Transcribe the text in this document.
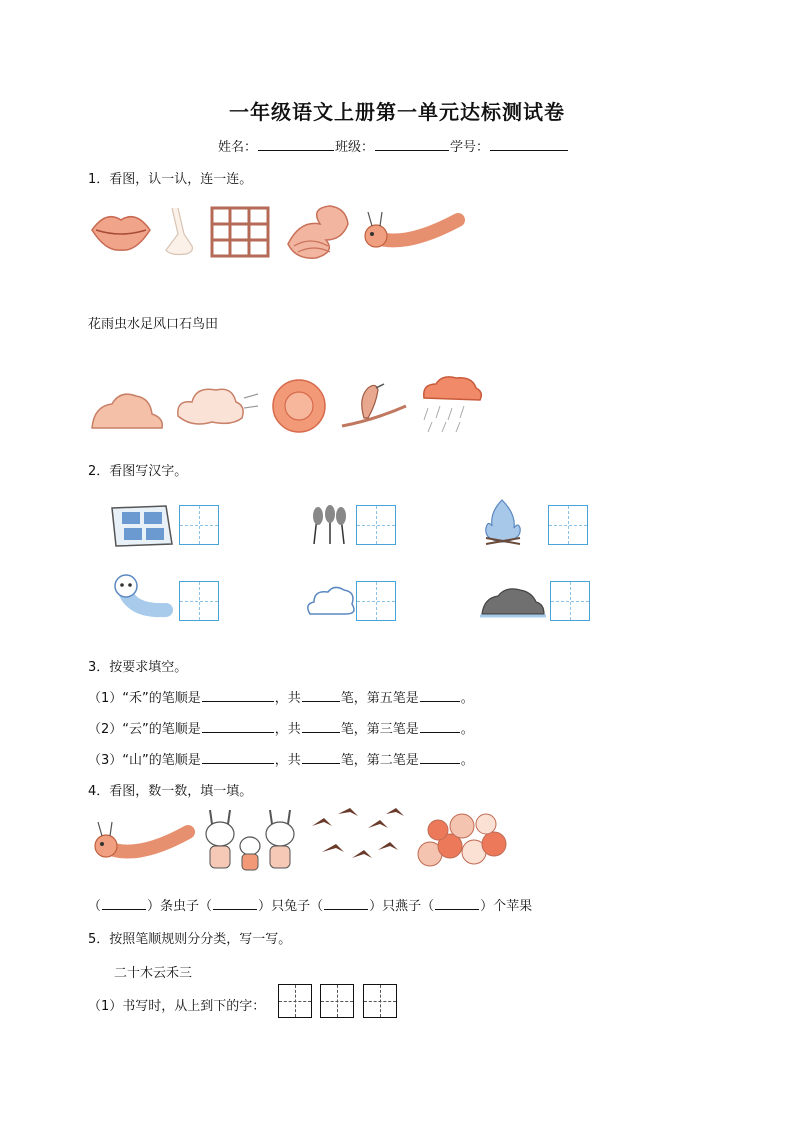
一年级语文上册第一单元达标测试卷
姓名：	班级：	学号：
1．看图，认一认，连一连。
花雨虫水足风口石鸟田
2．看图写汉字。
3．按要求填空。
（1）“禾”的笔顺是	，共	笔，第五笔是	。
（2）“云”的笔顺是	，共	笔，第三笔是	。
（3）“山”的笔顺是	，共	笔，第二笔是	。
4．看图，数一数，填一填。
（	）条虫子（	）只兔子（	）只燕子（	）个苹果
5．按照笔顺规则分分类，写一写。
二十木云禾三
（1）书写时，从上到下的字：
